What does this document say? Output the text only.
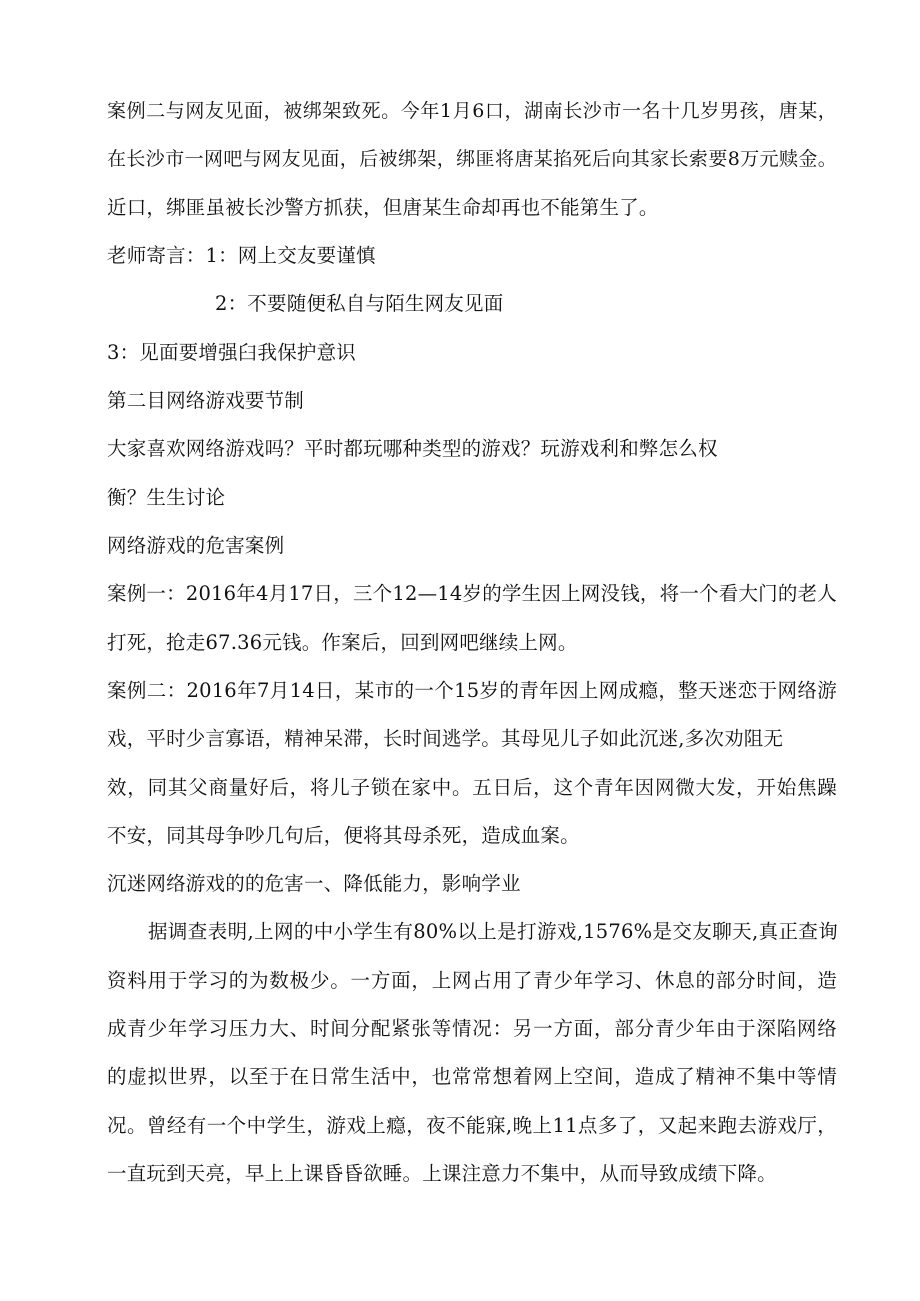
案例二与网友见面，被绑架致死。今年1月6口，湖南长沙市一名十几岁男孩，唐某，
在长沙市一网吧与网友见面，后被绑架，绑匪将唐某掐死后向其家长索要8万元赎金。
近口，绑匪虽被长沙警方抓获，但唐某生命却再也不能第生了。
老师寄言：1：网上交友要谨慎
2：不要随便私自与陌生网友见面
3：见面要增强臼我保护意识
第二目网络游戏要节制
大家喜欢网络游戏吗？平时都玩哪种类型的游戏？玩游戏利和弊怎么权
衡？生生讨论
网络游戏的危害案例
案例一：2016年4月17日，三个12—14岁的学生因上网没钱，将一个看大门的老人
打死，抢走67.36元钱。作案后，回到网吧继续上网。
案例二：2016年7月14日，某市的一个15岁的青年因上网成瘾，整天迷恋于网络游
戏，平时少言寡语，精神呆滞，长时间逃学。其母见儿子如此沉迷,多次劝阻无
效，同其父商量好后，将儿子锁在家中。五日后，这个青年因网微大发，开始焦躁
不安，同其母争吵几句后，便将其母杀死，造成血案。
沉迷网络游戏的的危害一、降低能力，影响学业
据调查表明,上网的中小学生有80%以上是打游戏,1576%是交友聊天,真正查询
资料用于学习的为数极少。一方面，上网占用了青少年学习、休息的部分时间，造
成青少年学习压力大、时间分配紧张等情况：另一方面，部分青少年由于深陷网络
的虚拟世界，以至于在日常生活中，也常常想着网上空间，造成了精神不集中等情
况。曾经有一个中学生，游戏上瘾，夜不能寐,晚上11点多了，又起来跑去游戏厅，
一直玩到天亮，早上上课昏昏欲睡。上课注意力不集中，从而导致成绩下降。
